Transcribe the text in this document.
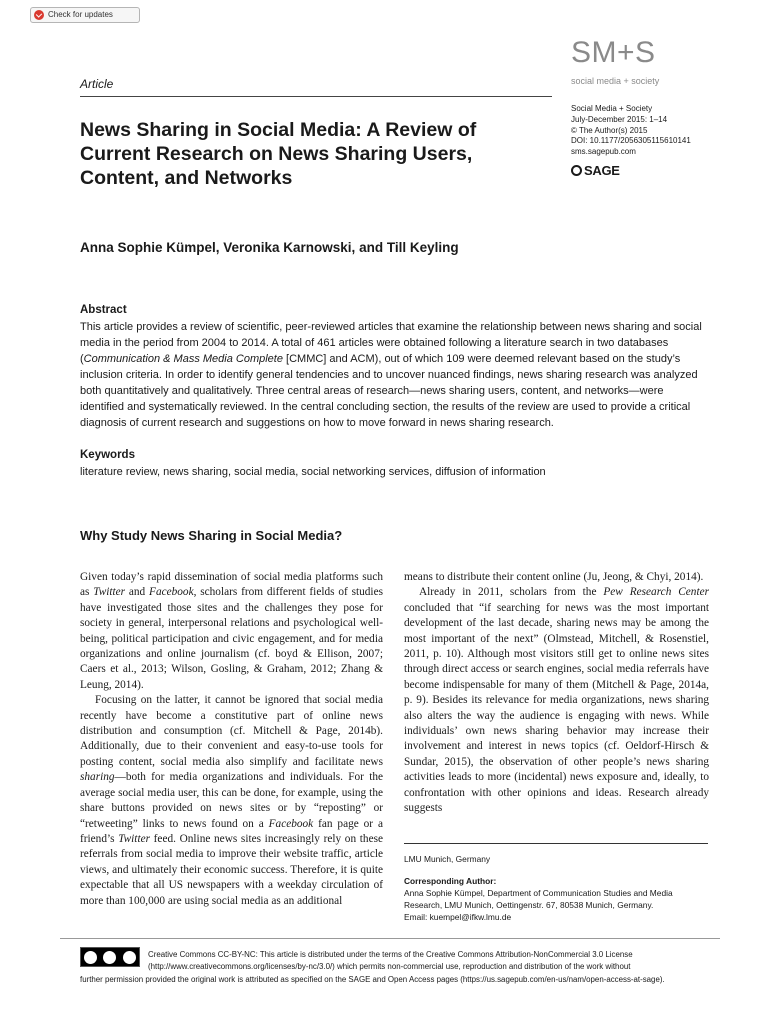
Check for updates
SM+S
social media + society
Article
News Sharing in Social Media: A Review of Current Research on News Sharing Users, Content, and Networks
Social Media + Society
July-December 2015: 1–14
© The Author(s) 2015
DOI: 10.1177/2056305115610141
sms.sagepub.com
SAGE
Anna Sophie Kümpel, Veronika Karnowski, and Till Keyling
Abstract

This article provides a review of scientific, peer-reviewed articles that examine the relationship between news sharing and social media in the period from 2004 to 2014. A total of 461 articles were obtained following a literature search in two databases (Communication & Mass Media Complete [CMMC] and ACM), out of which 109 were deemed relevant based on the study’s inclusion criteria. In order to identify general tendencies and to uncover nuanced findings, news sharing research was analyzed both quantitatively and qualitatively. Three central areas of research—news sharing users, content, and networks—were identified and systematically reviewed. In the central concluding section, the results of the review are used to provide a critical diagnosis of current research and suggestions on how to move forward in news sharing research.

Keywords

literature review, news sharing, social media, social networking services, diffusion of information

Why Study News Sharing in Social Media?

Given today’s rapid dissemination of social media platforms such as Twitter and Facebook, scholars from different fields of studies have investigated those sites and the challenges they pose for society in general, interpersonal relations and psychological well-being, political participation and civic engagement, and for media organizations and online journalism (cf. boyd & Ellison, 2007; Caers et al., 2013; Wilson, Gosling, & Graham, 2012; Zhang & Leung, 2014).

Focusing on the latter, it cannot be ignored that social media recently have become a constitutive part of online news distribution and consumption (cf. Mitchell & Page, 2014b). Additionally, due to their convenient and easy-to-use tools for posting content, social media also simplify and facilitate news sharing—both for media organizations and individuals. For the average social media user, this can be done, for example, using the share buttons provided on news sites or by “reposting” or “retweeting” links to news found on a Facebook fan page or a friend’s Twitter feed. Online news sites increasingly rely on these referrals from social media to improve their website traffic, article views, and ultimately their economic success. Therefore, it is quite expectable that all US newspapers with a weekday circulation of more than 100,000 are using social media as an additional

means to distribute their content online (Ju, Jeong, & Chyi, 2014).

Already in 2011, scholars from the Pew Research Center concluded that “if searching for news was the most important development of the last decade, sharing news may be among the most important of the next” (Olmstead, Mitchell, & Rosenstiel, 2011, p. 10). Although most visitors still get to online news sites through direct access or search engines, social media referrals have become indispensable for many of them (Mitchell & Page, 2014a, p. 9). Besides its relevance for media organizations, news sharing also alters the way the audience is engaging with news. While individuals’ own news sharing behavior may increase their involvement and interest in news topics (cf. Oeldorf-Hirsch & Sundar, 2015), the observation of other people’s news sharing activities leads to more (incidental) news exposure and, ideally, to confrontation with other opinions and ideas. Research already suggests

LMU Munich, Germany
Corresponding Author:
Anna Sophie Kümpel, Department of Communication Studies and Media Research, LMU Munich, Oettingenstr. 67, 80538 Munich, Germany.
Email: kuempel@ifkw.lmu.de
Creative Commons CC-BY-NC: This article is distributed under the terms of the Creative Commons Attribution-NonCommercial 3.0 License
(http://www.creativecommons.org/licenses/by-nc/3.0/) which permits non-commercial use, reproduction and distribution of the work without
further permission provided the original work is attributed as specified on the SAGE and Open Access pages (https://us.sagepub.com/en-us/nam/open-access-at-sage).
